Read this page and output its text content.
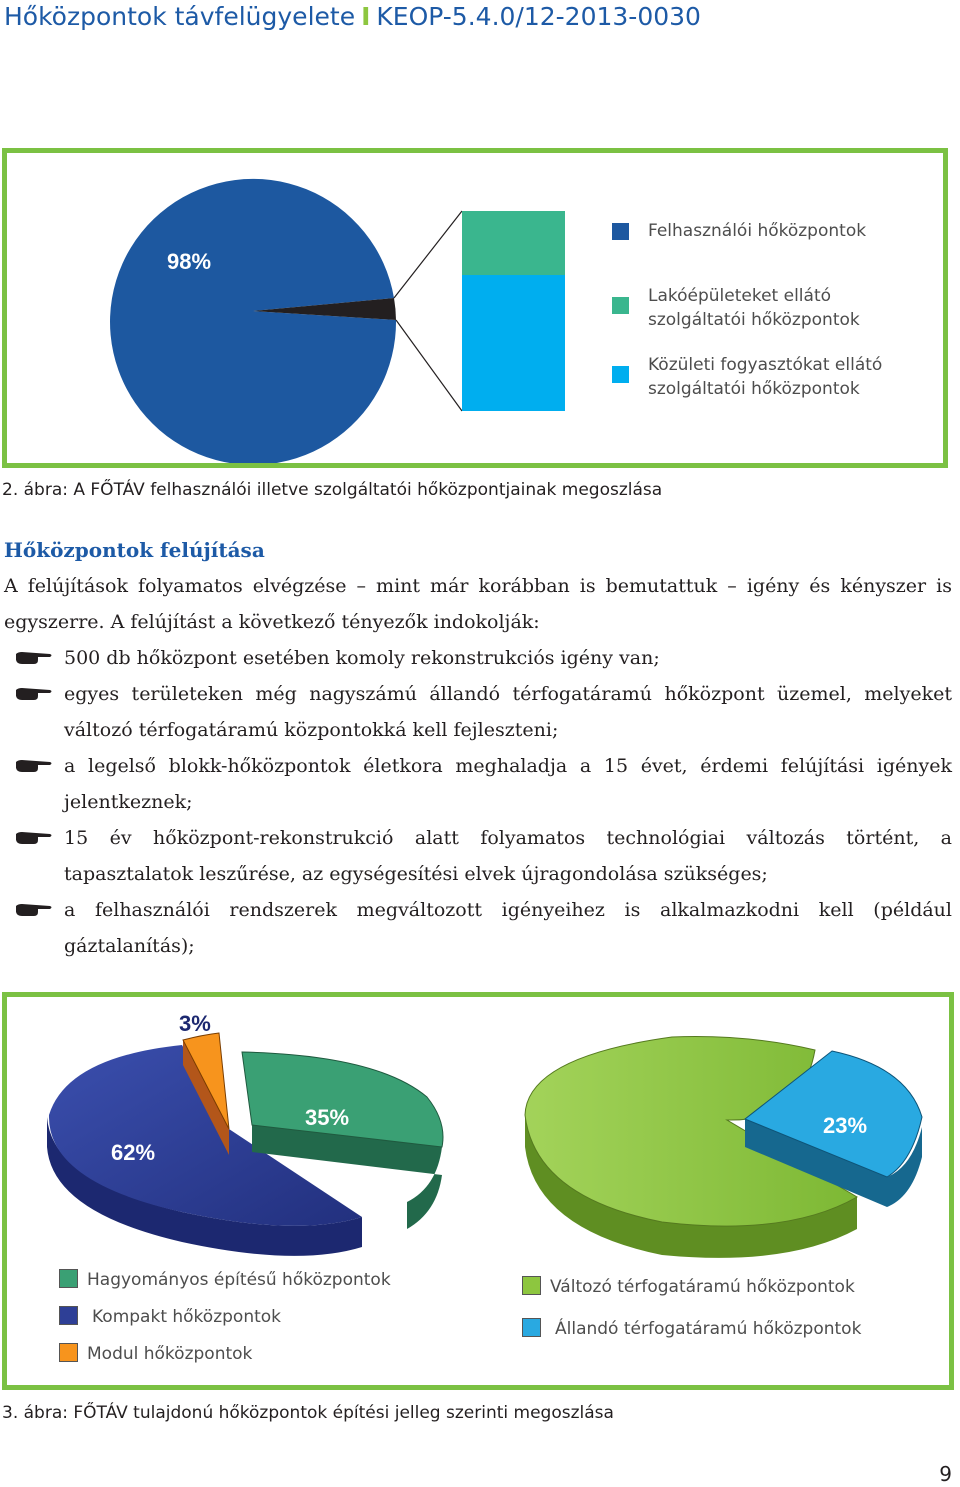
Hőközpontok távfelügyelete I KEOP-5.4.0/12-2013-0030
98%
Felhasználói hőközpontok
Lakóépületeket ellátó
szolgáltatói hőközpontok
Közületi fogyasztókat ellátó
szolgáltatói hőközpontok
2. ábra: A FŐTÁV felhasználói illetve szolgáltatói hőközpontjainak megoszlása
Hőközpontok felújítása
A felújítások folyamatos elvégzése – mint már korábban is bemutattuk – igény és kényszer is egyszerre. A felújítást a következő tényezők indokolják:
500 db hőközpont esetében komoly rekonstrukciós igény van;
egyes területeken még nagyszámú állandó térfogatáramú hőközpont üzemel, melyeket változó térfogatáramú központokká kell fejleszteni;
a legelső blokk-hőközpontok életkora meghaladja a 15 évet, érdemi felújítási igények jelentkeznek;
15 év hőközpont-rekonstrukció alatt folyamatos technológiai változás történt, a tapasztalatok leszűrése, az egységesítési elvek újragondolása szükséges;
a felhasználói rendszerek megváltozott igényeihez is alkalmazkodni kell (például gáztalanítás);
3%
62%
35%	23%
Hagyományos építésű hőközpontok
Kompakt hőközpontok
Modul hőközpontok
Változó térfogatáramú hőközpontok
Állandó térfogatáramú hőközpontok
3. ábra: FŐTÁV tulajdonú hőközpontok építési jelleg szerinti megoszlása
9
